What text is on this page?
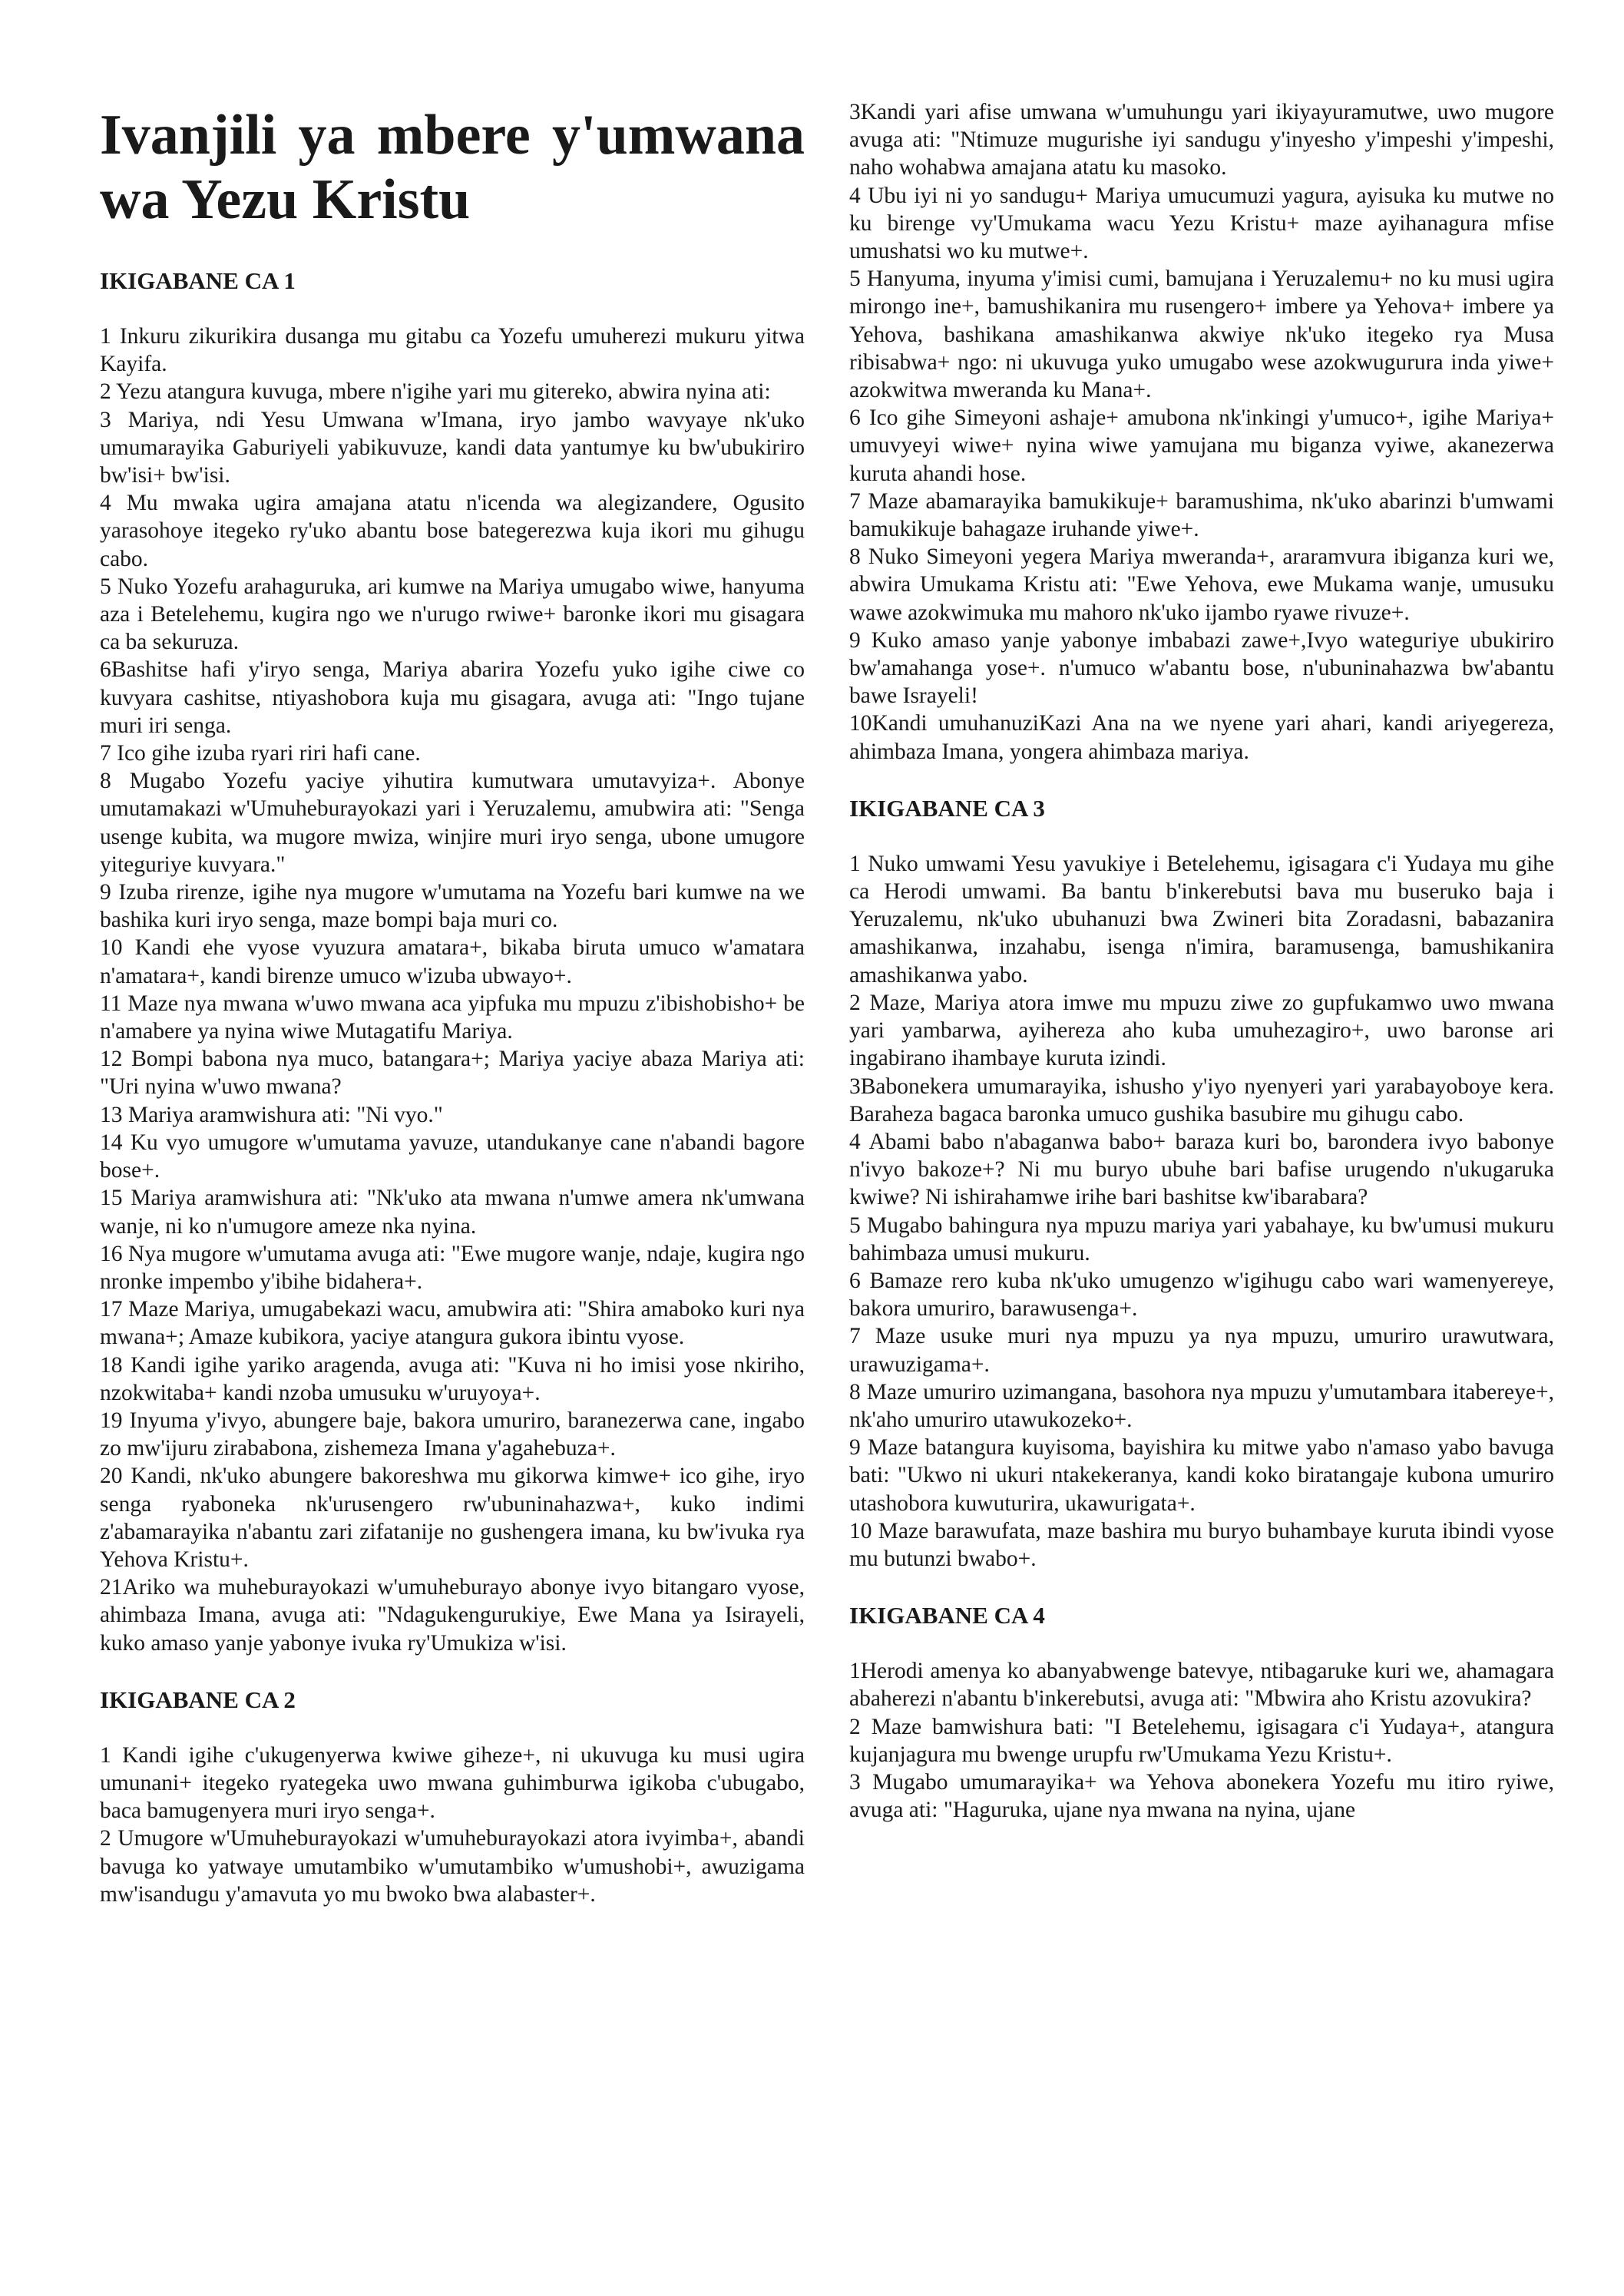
Ivanjili ya mbere y'umwana wa Yezu Kristu
IKIGABANE CA 1

1 Inkuru zikurikira dusanga mu gitabu ca Yozefu umuherezi mukuru yitwa Kayifa.

2 Yezu atangura kuvuga, mbere n'igihe yari mu gitereko, abwira nyina ati:

3 Mariya, ndi Yesu Umwana w'Imana, iryo jambo wavyaye nk'uko umumarayika Gaburiyeli yabikuvuze, kandi data yantumye ku bw'ubukiriro bw'isi+ bw'isi.

4 Mu mwaka ugira amajana atatu n'icenda wa alegizandere, Ogusito yarasohoye itegeko ry'uko abantu bose bategerezwa kuja ikori mu gihugu cabo.

5 Nuko Yozefu arahaguruka, ari kumwe na Mariya umugabo wiwe, hanyuma aza i Betelehemu, kugira ngo we n'urugo rwiwe+ baronke ikori mu gisagara ca ba sekuruza.

6Bashitse hafi y'iryo senga, Mariya abarira Yozefu yuko igihe ciwe co kuvyara cashitse, ntiyashobora kuja mu gisagara, avuga ati: "Ingo tujane muri iri senga.

7 Ico gihe izuba ryari riri hafi cane.

8 Mugabo Yozefu yaciye yihutira kumutwara umutavyiza+. Abonye umutamakazi w'Umuheburayokazi yari i Yeruzalemu, amubwira ati: "Senga usenge kubita, wa mugore mwiza, winjire muri iryo senga, ubone umugore yiteguriye kuvyara."

9 Izuba rirenze, igihe nya mugore w'umutama na Yozefu bari kumwe na we bashika kuri iryo senga, maze bompi baja muri co.

10 Kandi ehe vyose vyuzura amatara+, bikaba biruta umuco w'amatara n'amatara+, kandi birenze umuco w'izuba ubwayo+.

11 Maze nya mwana w'uwo mwana aca yipfuka mu mpuzu z'ibishobisho+ be n'amabere ya nyina wiwe Mutagatifu Mariya.

12 Bompi babona nya muco, batangara+; Mariya yaciye abaza Mariya ati: "Uri nyina w'uwo mwana?

13 Mariya aramwishura ati: "Ni vyo."

14 Ku vyo umugore w'umutama yavuze, utandukanye cane n'abandi bagore bose+.

15 Mariya aramwishura ati: "Nk'uko ata mwana n'umwe amera nk'umwana wanje, ni ko n'umugore ameze nka nyina.

16 Nya mugore w'umutama avuga ati: "Ewe mugore wanje, ndaje, kugira ngo nronke impembo y'ibihe bidahera+.

17 Maze Mariya, umugabekazi wacu, amubwira ati: "Shira amaboko kuri nya mwana+; Amaze kubikora, yaciye atangura gukora ibintu vyose.

18 Kandi igihe yariko aragenda, avuga ati: "Kuva ni ho imisi yose nkiriho, nzokwitaba+ kandi nzoba umusuku w'uruyoya+.

19 Inyuma y'ivyo, abungere baje, bakora umuriro, baranezerwa cane, ingabo zo mw'ijuru zirababona, zishemeza Imana y'agahebuza+.

20 Kandi, nk'uko abungere bakoreshwa mu gikorwa kimwe+ ico gihe, iryo senga ryaboneka nk'urusengero rw'ubuninahazwa+, kuko indimi z'abamarayika n'abantu zari zifatanije no gushengera imana, ku bw'ivuka rya Yehova Kristu+.

21Ariko wa muheburayokazi w'umuheburayo abonye ivyo bitangaro vyose, ahimbaza Imana, avuga ati: "Ndagukengurukiye, Ewe Mana ya Isirayeli, kuko amaso yanje yabonye ivuka ry'Umukiza w'isi.

IKIGABANE CA 2

1 Kandi igihe c'ukugenyerwa kwiwe giheze+, ni ukuvuga ku musi ugira umunani+ itegeko ryategeka uwo mwana guhimburwa igikoba c'ubugabo, baca bamugenyera muri iryo senga+.

2 Umugore w'Umuheburayokazi w'umuheburayokazi atora ivyimba+, abandi bavuga ko yatwaye umutambiko w'umutambiko w'umushobi+, awuzigama mw'isandugu y'amavuta yo mu bwoko bwa alabaster+.

3Kandi yari afise umwana w'umuhungu yari ikiyayuramutwe, uwo mugore avuga ati: "Ntimuze mugurishe iyi sandugu y'inyesho y'impeshi y'impeshi, naho wohabwa amajana atatu ku masoko.

4 Ubu iyi ni yo sandugu+ Mariya umucumuzi yagura, ayisuka ku mutwe no ku birenge vy'Umukama wacu Yezu Kristu+ maze ayihanagura mfise umushatsi wo ku mutwe+.

5 Hanyuma, inyuma y'imisi cumi, bamujana i Yeruzalemu+ no ku musi ugira mirongo ine+, bamushikanira mu rusengero+ imbere ya Yehova+ imbere ya Yehova, bashikana amashikanwa akwiye nk'uko itegeko rya Musa ribisabwa+ ngo: ni ukuvuga yuko umugabo wese azokwugurura inda yiwe+ azokwitwa mweranda ku Mana+.

6 Ico gihe Simeyoni ashaje+ amubona nk'inkingi y'umuco+, igihe Mariya+ umuvyeyi wiwe+ nyina wiwe yamujana mu biganza vyiwe, akanezerwa kuruta ahandi hose.

7 Maze abamarayika bamukikuje+ baramushima, nk'uko abarinzi b'umwami bamukikuje bahagaze iruhande yiwe+.

8 Nuko Simeyoni yegera Mariya mweranda+, araramvura ibiganza kuri we, abwira Umukama Kristu ati: "Ewe Yehova, ewe Mukama wanje, umusuku wawe azokwimuka mu mahoro nk'uko ijambo ryawe rivuze+.

9 Kuko amaso yanje yabonye imbabazi zawe+,Ivyo wateguriye ubukiriro bw'amahanga yose+. n'umuco w'abantu bose, n'ubuninahazwa bw'abantu bawe Israyeli!

10Kandi umuhanuziKazi Ana na we nyene yari ahari, kandi ariyegereza, ahimbaza Imana, yongera ahimbaza mariya.

IKIGABANE CA 3

1 Nuko umwami Yesu yavukiye i Betelehemu, igisagara c'i Yudaya mu gihe ca Herodi umwami. Ba bantu b'inkerebutsi bava mu buseruko baja i Yeruzalemu, nk'uko ubuhanuzi bwa Zwineri bita Zoradasni, babazanira amashikanwa, inzahabu, isenga n'imira, baramusenga, bamushikanira amashikanwa yabo.

2 Maze, Mariya atora imwe mu mpuzu ziwe zo gupfukamwo uwo mwana yari yambarwa, ayihereza aho kuba umuhezagiro+, uwo baronse ari ingabirano ihambaye kuruta izindi.

3Babonekera umumarayika, ishusho y'iyo nyenyeri yari yarabayoboye kera. Baraheza bagaca baronka umuco gushika basubire mu gihugu cabo.

4 Abami babo n'abaganwa babo+ baraza kuri bo, barondera ivyo babonye n'ivyo bakoze+? Ni mu buryo ubuhe bari bafise urugendo n'ukugaruka kwiwe? Ni ishirahamwe irihe bari bashitse kw'ibarabara?

5 Mugabo bahingura nya mpuzu mariya yari yabahaye, ku bw'umusi mukuru bahimbaza umusi mukuru.

6 Bamaze rero kuba nk'uko umugenzo w'igihugu cabo wari wamenyereye, bakora umuriro, barawusenga+.

7 Maze usuke muri nya mpuzu ya nya mpuzu, umuriro urawutwara, urawuzigama+.

8 Maze umuriro uzimangana, basohora nya mpuzu y'umutambara itabereye+, nk'aho umuriro utawukozeko+.

9 Maze batangura kuyisoma, bayishira ku mitwe yabo n'amaso yabo bavuga bati: "Ukwo ni ukuri ntakekeranya, kandi koko biratangaje kubona umuriro utashobora kuwuturira, ukawurigata+.

10 Maze barawufata, maze bashira mu buryo buhambaye kuruta ibindi vyose mu butunzi bwabo+.

IKIGABANE CA 4

1Herodi amenya ko abanyabwenge batevye, ntibagaruke kuri we, ahamagara abaherezi n'abantu b'inkerebutsi, avuga ati: "Mbwira aho Kristu azovukira?

2 Maze bamwishura bati: "I Betelehemu, igisagara c'i Yudaya+, atangura kujanjagura mu bwenge urupfu rw'Umukama Yezu Kristu+.

3 Mugabo umumarayika+ wa Yehova abonekera Yozefu mu itiro ryiwe, avuga ati: "Haguruka, ujane nya mwana na nyina, ujane
